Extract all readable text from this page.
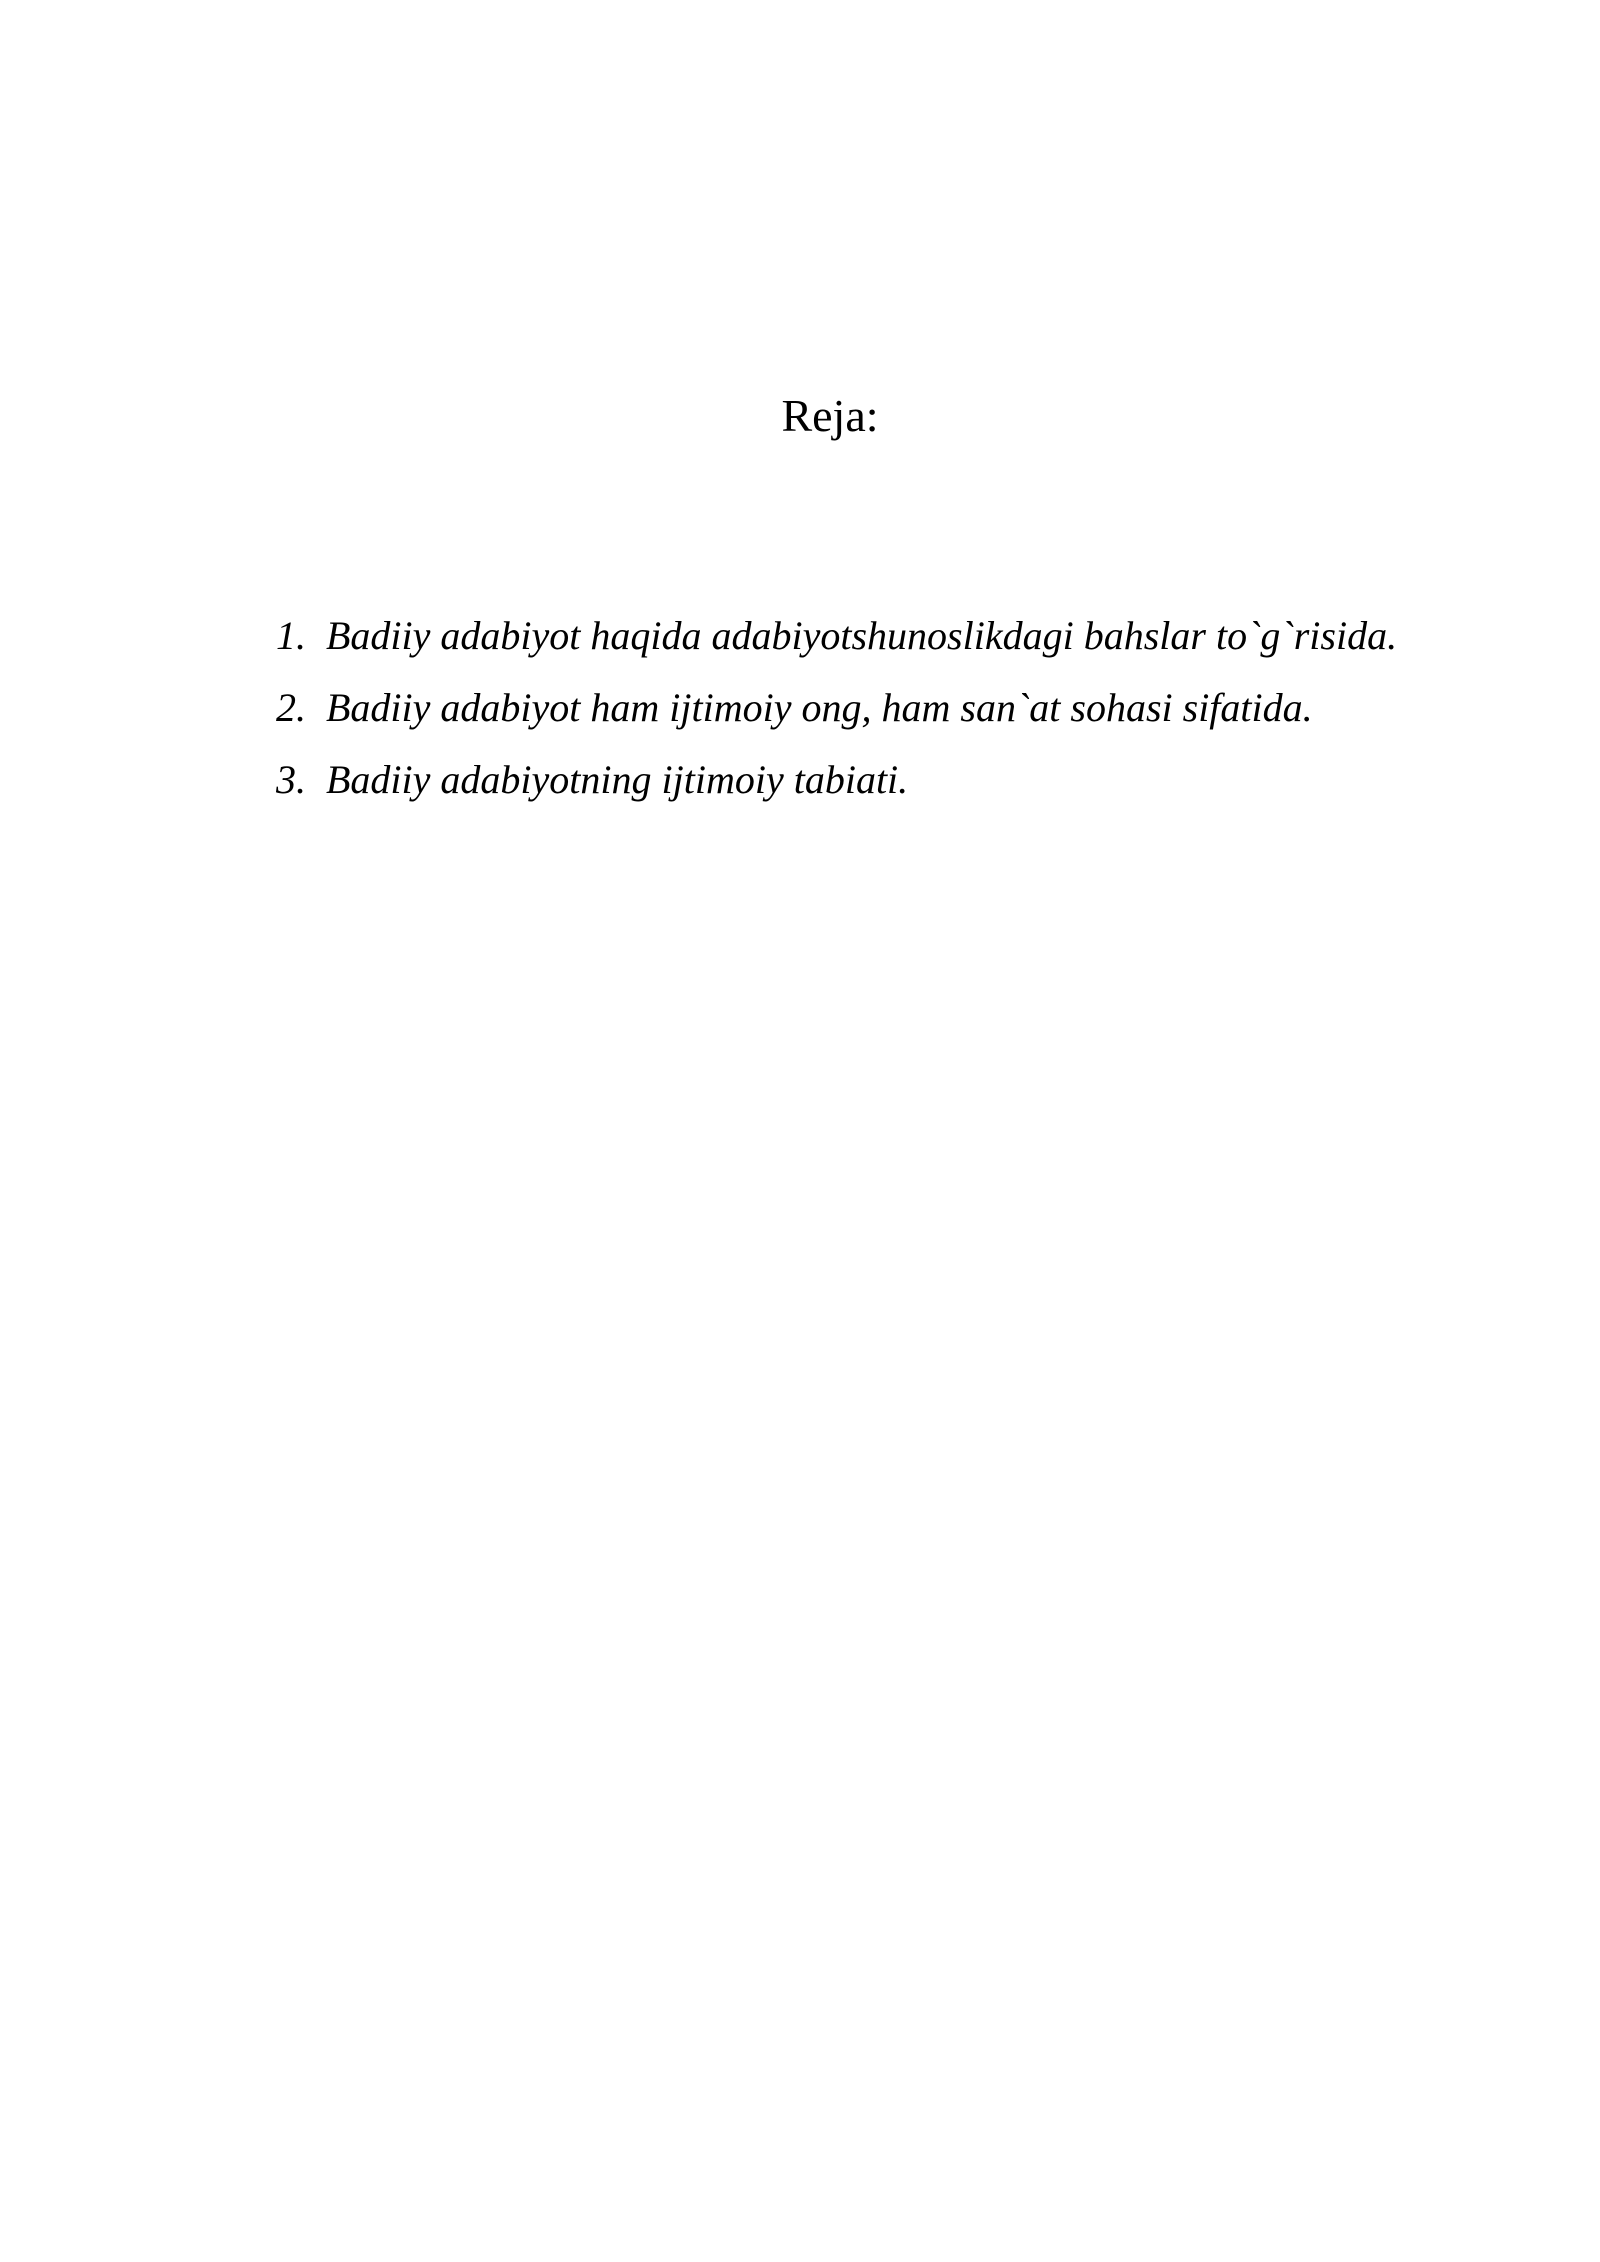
Reja:
1. Badiiy adabiyot haqida adabiyotshunoslikdagi bahslar to`g`risida.
2. Badiiy adabiyot ham ijtimoiy ong, ham san`at sohasi sifatida.
3. Badiiy adabiyotning ijtimoiy tabiati.
